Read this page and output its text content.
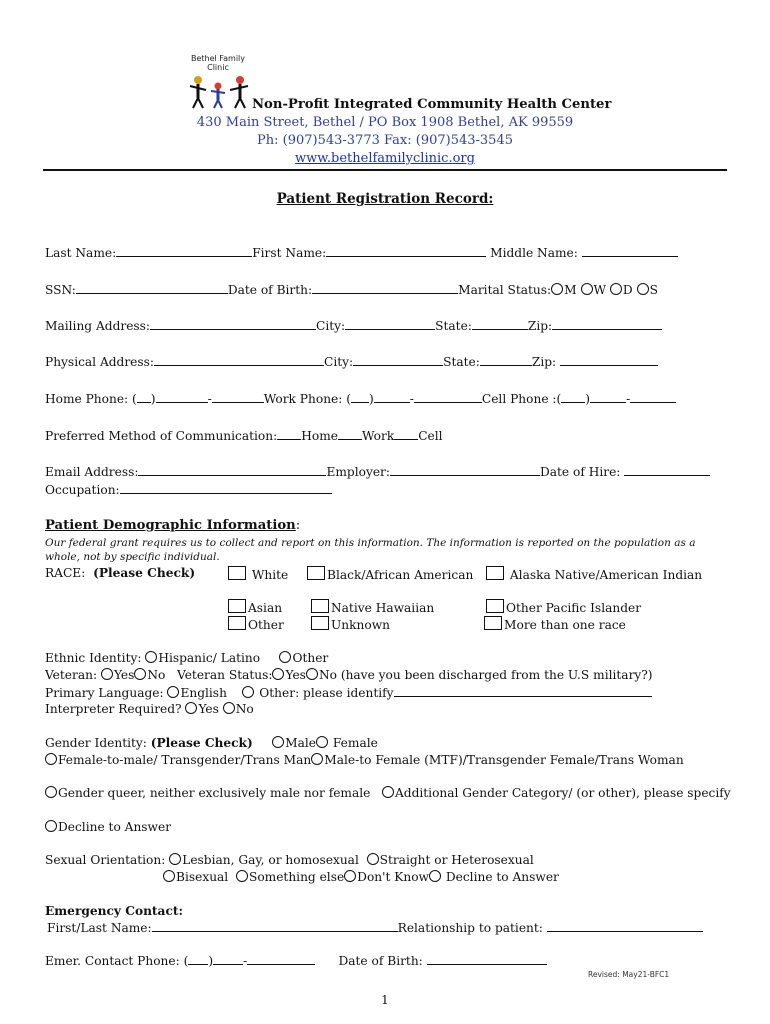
Bethel Family Clinic
Non-Profit Integrated Community Health Center
430 Main Street, Bethel / PO Box 1908 Bethel, AK 99559
Ph: (907)543-3773 Fax: (907)543-3545
www.bethelfamilyclinic.org
Patient Registration Record:
Last Name:	First Name:	Middle Name:
SSN:	Date of Birth:	Marital Status: M W D S
Mailing Address:	City:	State:	Zip:
Physical Address:	City:	State:	Zip:
Home Phone: ( )	-	Work Phone: ( )	-	Cell Phone :( )	-
Preferred Method of Communication: Home Work Cell
Email Address:	Employer:	Date of Hire:
Occupation:
Patient Demographic Information:
Our federal grant requires us to collect and report on this information. The information is reported on the population as a whole, not by specific individual.
RACE: (Please Check)	White	Black/African American	Alaska Native/American Indian
Asian	Native Hawaiian	Other Pacific Islander
Other	Unknown	More than one race
Ethnic Identity: Hispanic/ Latino	Other
Veteran: Yes No Veteran Status: Yes No (have you been discharged from the U.S military?)
Primary Language: English	Other: please identify
Interpreter Required? Yes No
Gender Identity: (Please Check)	Male Female
Female-to-male/ Transgender/Trans Man Male-to Female (MTF)/Transgender Female/Trans Woman
Gender queer, neither exclusively male nor female Additional Gender Category/ (or other), please specify
Decline to Answer
Sexual Orientation: Lesbian, Gay, or homosexual Straight or Heterosexual
Bisexual Something else Don't Know Decline to Answer
Emergency Contact:
First/Last Name:	Relationship to patient:
Emer. Contact Phone: ( ) -	Date of Birth:
Revised: May21-BFC1
1
